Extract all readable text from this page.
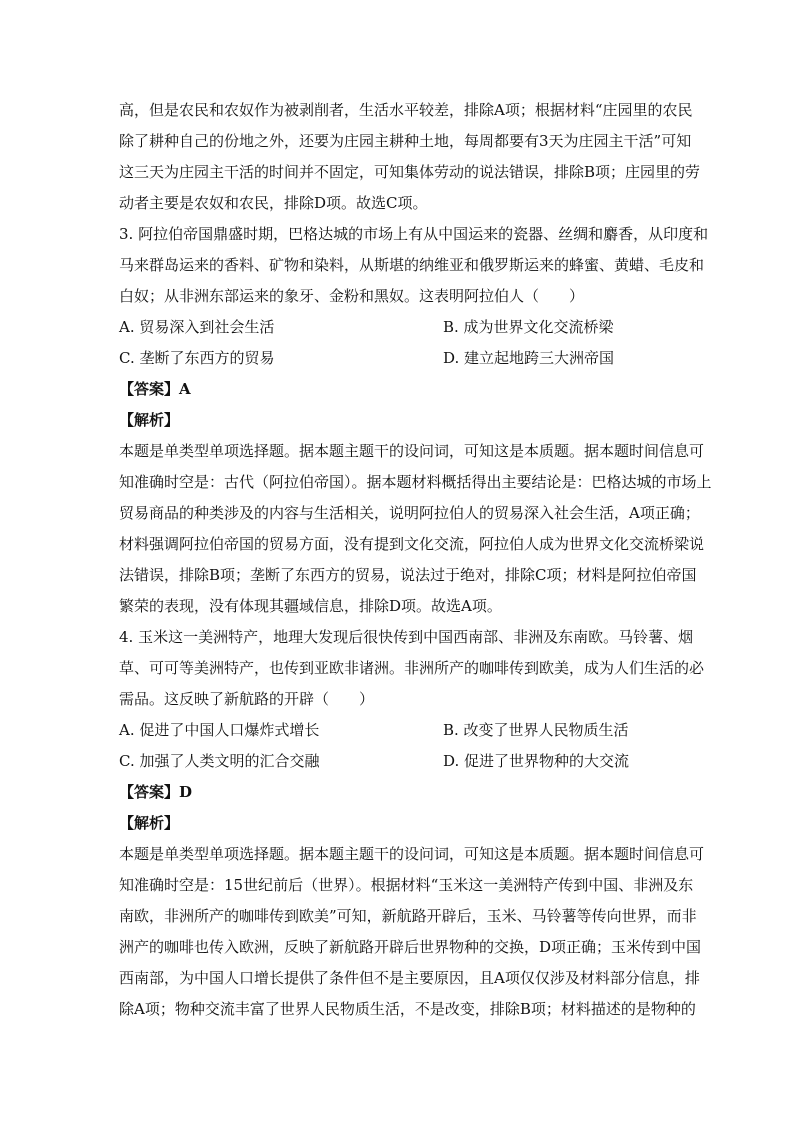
高，但是农民和农奴作为被剥削者，生活水平较差，排除A项；根据材料“庄园里的农民
除了耕种自己的份地之外，还要为庄园主耕种土地，每周都要有3天为庄园主干活”可知
这三天为庄园主干活的时间并不固定，可知集体劳动的说法错误，排除B项；庄园里的劳
动者主要是农奴和农民，排除D项。故选C项。
3. 阿拉伯帝国鼎盛时期，巴格达城的市场上有从中国运来的瓷器、丝绸和麝香，从印度和
马来群岛运来的香料、矿物和染料，从斯堪的纳维亚和俄罗斯运来的蜂蜜、黄蜡、毛皮和
白奴；从非洲东部运来的象牙、金粉和黑奴。这表明阿拉伯人（　　）
A. 贸易深入到社会生活	B. 成为世界文化交流桥梁
C. 垄断了东西方的贸易	D. 建立起地跨三大洲帝国
【答案】A
【解析】
本题是单类型单项选择题。据本题主题干的设问词，可知这是本质题。据本题时间信息可
知准确时空是：古代（阿拉伯帝国）。据本题材料概括得出主要结论是：巴格达城的市场上
贸易商品的种类涉及的内容与生活相关，说明阿拉伯人的贸易深入社会生活，A项正确；
材料强调阿拉伯帝国的贸易方面，没有提到文化交流，阿拉伯人成为世界文化交流桥梁说
法错误，排除B项；垄断了东西方的贸易，说法过于绝对，排除C项；材料是阿拉伯帝国
繁荣的表现，没有体现其疆域信息，排除D项。故选A项。
4. 玉米这一美洲特产，地理大发现后很快传到中国西南部、非洲及东南欧。马铃薯、烟
草、可可等美洲特产，也传到亚欧非诸洲。非洲所产的咖啡传到欧美，成为人们生活的必
需品。这反映了新航路的开辟（　　）
A. 促进了中国人口爆炸式增长	B. 改变了世界人民物质生活
C. 加强了人类文明的汇合交融	D. 促进了世界物种的大交流
【答案】D
【解析】
本题是单类型单项选择题。据本题主题干的设问词，可知这是本质题。据本题时间信息可
知准确时空是：15世纪前后（世界）。根据材料“玉米这一美洲特产传到中国、非洲及东
南欧，非洲所产的咖啡传到欧美”可知，新航路开辟后，玉米、马铃薯等传向世界，而非
洲产的咖啡也传入欧洲，反映了新航路开辟后世界物种的交换，D项正确；玉米传到中国
西南部，为中国人口增长提供了条件但不是主要原因，且A项仅仅涉及材料部分信息，排
除A项；物种交流丰富了世界人民物质生活，不是改变，排除B项；材料描述的是物种的
